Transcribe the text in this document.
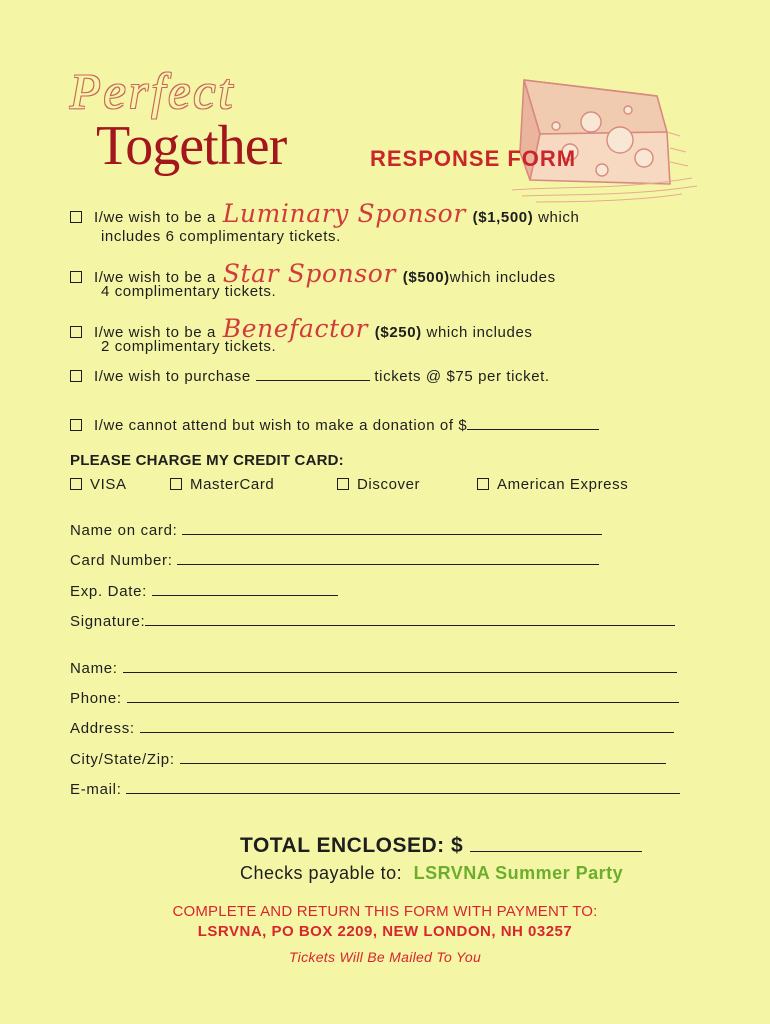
Perfect
Together	RESPONSE FORM
I/we wish to be a Luminary Sponsor ($1,500) which
includes 6 complimentary tickets.
I/we wish to be a Star Sponsor ($500)which includes
4 complimentary tickets.
I/we wish to be a Benefactor ($250) which includes
2 complimentary tickets.
I/we wish to purchase	tickets @ $75 per ticket.
I/we cannot attend but wish to make a donation of $
PLEASE CHARGE MY CREDIT CARD:
VISA	MasterCard	Discover	American Express
Name on card:
Card Number:
Exp. Date:
Signature:
Name:
Phone:
Address:
City/State/Zip:
E-mail:
TOTAL ENCLOSED: $
Checks payable to: LSRVNA Summer Party
COMPLETE AND RETURN THIS FORM WITH PAYMENT TO:
LSRVNA, PO BOX 2209, NEW LONDON, NH 03257
Tickets Will Be Mailed To You
